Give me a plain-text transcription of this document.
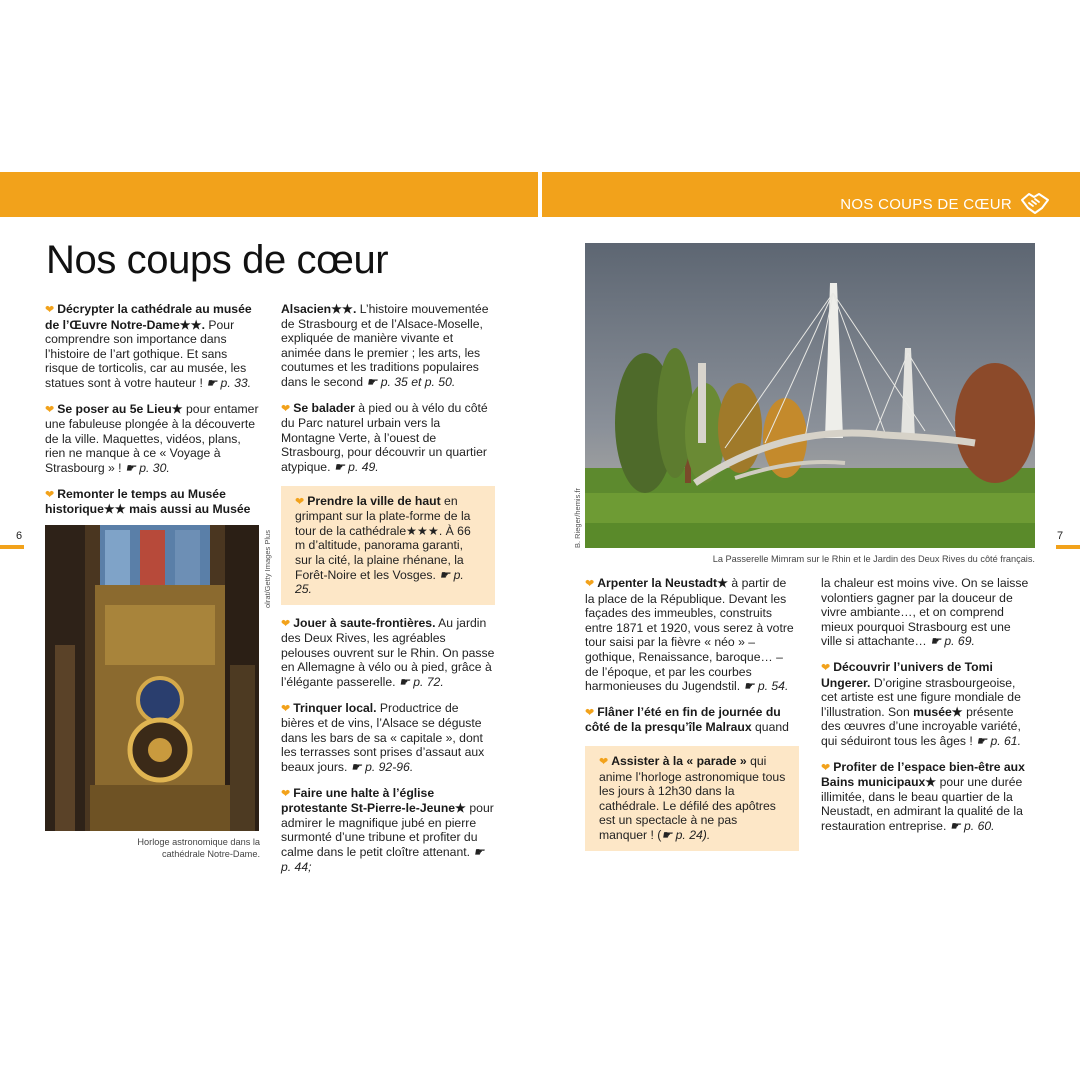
NOS COUPS DE CŒUR
6	7
Nos coups de cœur

❤ Décrypter la cathédrale au musée de l’Œuvre Notre-Dame★★. Pour comprendre son importance dans l’histoire de l’art gothique. Et sans risque de torticolis, car au musée, les statues sont à votre hauteur ! ☛ p. 33.

❤ Se poser au 5e Lieu★ pour entamer une fabuleuse plongée à la découverte de la ville. Maquettes, vidéos, plans, rien ne manque à ce « Voyage à Strasbourg » ! ☛ p. 30.

❤ Remonter le temps au Musée historique★★ mais aussi au Musée

olrat/Getty Images Plus
Horloge astronomique dans la cathédrale Notre-Dame.

Alsacien★★. L’histoire mouvementée de Strasbourg et de l’Alsace-Moselle, expliquée de manière vivante et animée dans le premier ; les arts, les coutumes et les traditions populaires dans le second ☛ p. 35 et p. 50.

❤ Se balader à pied ou à vélo du côté du Parc naturel urbain vers la Montagne Verte, à l’ouest de Strasbourg, pour découvrir un quartier atypique. ☛ p. 49.

❤ Prendre la ville de haut en grimpant sur la plate-forme de la tour de la cathédrale★★★. À 66 m d’altitude, panorama garanti, sur la cité, la plaine rhénane, la Forêt-Noire et les Vosges. ☛ p. 25.

❤ Jouer à saute-frontières. Au jardin des Deux Rives, les agréables pelouses ouvrent sur le Rhin. On passe en Allemagne à vélo ou à pied, grâce à l’élégante passerelle. ☛ p. 72.

❤ Trinquer local. Productrice de bières et de vins, l’Alsace se déguste dans les bars de sa « capitale », dont les terrasses sont prises d’assaut aux beaux jours. ☛ p. 92-96.

❤ Faire une halte à l’église protestante St-Pierre-le-Jeune★ pour admirer le magnifique jubé en pierre surmonté d’une tribune et profiter du calme dans le petit cloître attenant. ☛ p. 44;

B. Rieger/hemis.fr
La Passerelle Mimram sur le Rhin et le Jardin des Deux Rives du côté français.

❤ Arpenter la Neustadt★ à partir de la place de la République. Devant les façades des immeubles, construits entre 1871 et 1920, vous serez à votre tour saisi par la fièvre « néo » – gothique, Renaissance, baroque… – de l’époque, et par les courbes harmonieuses du Jugendstil. ☛ p. 54.

❤ Flâner l’été en fin de journée du côté de la presqu’île Malraux quand

❤ Assister à la « parade » qui anime l’horloge astronomique tous les jours à 12h30 dans la cathédrale. Le défilé des apôtres est un spectacle à ne pas manquer ! (☛ p. 24).

la chaleur est moins vive. On se laisse volontiers gagner par la douceur de vivre ambiante…, et on comprend mieux pourquoi Strasbourg est une ville si attachante… ☛ p. 69.

❤ Découvrir l’univers de Tomi Ungerer. D’origine strasbourgeoise, cet artiste est une figure mondiale de l’illustration. Son musée★ présente des œuvres d’une incroyable variété, qui séduiront tous les âges ! ☛ p. 61.

❤ Profiter de l’espace bien-être aux Bains municipaux★ pour une durée illimitée, dans le beau quartier de la Neustadt, en admirant la qualité de la restauration entreprise. ☛ p. 60.
